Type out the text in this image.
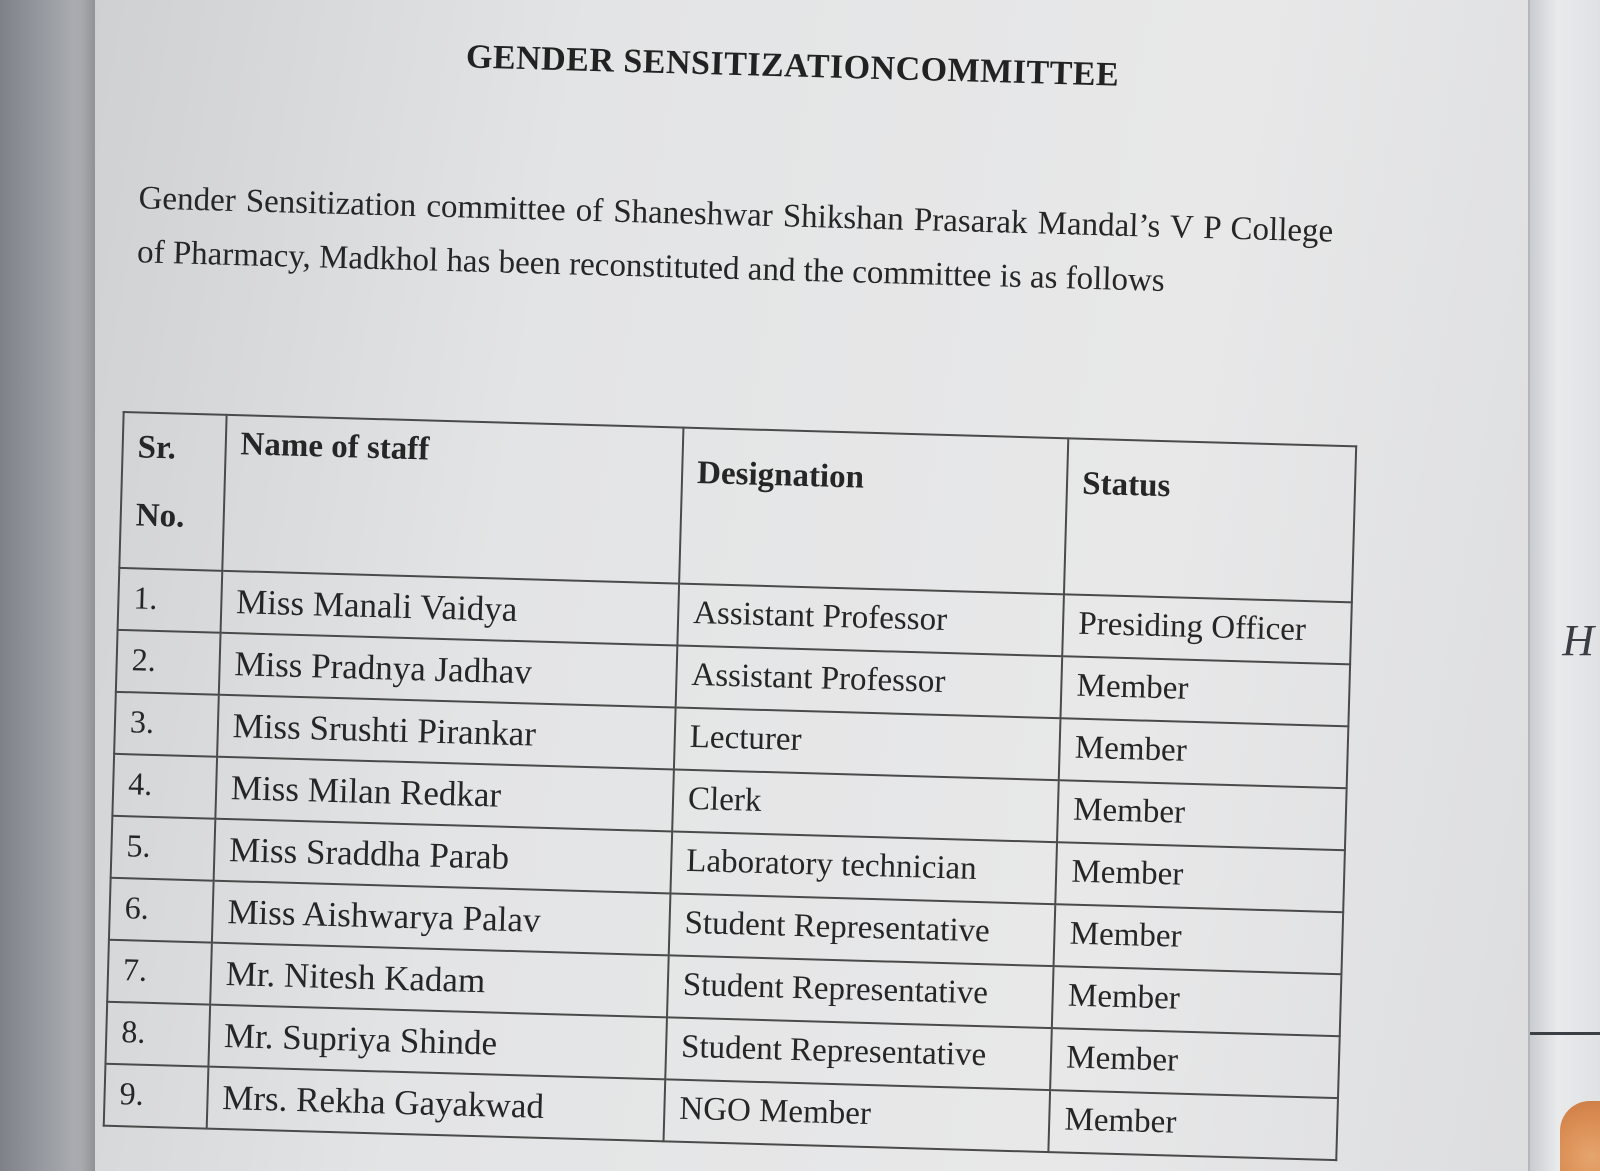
GENDER SENSITIZATIONCOMMITTEE
Gender Sensitization committee of Shaneshwar Shikshan Prasarak Mandal’s V P College of Pharmacy, Madkhol has been reconstituted and the committee is as follows
Sr. No.	Name of staff	Designation	Status
1.	Miss Manali Vaidya	Assistant Professor	Presiding Officer
2.	Miss Pradnya Jadhav	Assistant Professor	Member
3.	Miss Srushti Pirankar	Lecturer	Member
4.	Miss Milan Redkar	Clerk	Member
5.	Miss Sraddha Parab	Laboratory technician	Member
6.	Miss Aishwarya Palav	Student Representative	Member
7.	Mr. Nitesh Kadam	Student Representative	Member
8.	Mr. Supriya Shinde	Student Representative	Member
9.	Mrs. Rekha Gayakwad	NGO Member	Member
H
